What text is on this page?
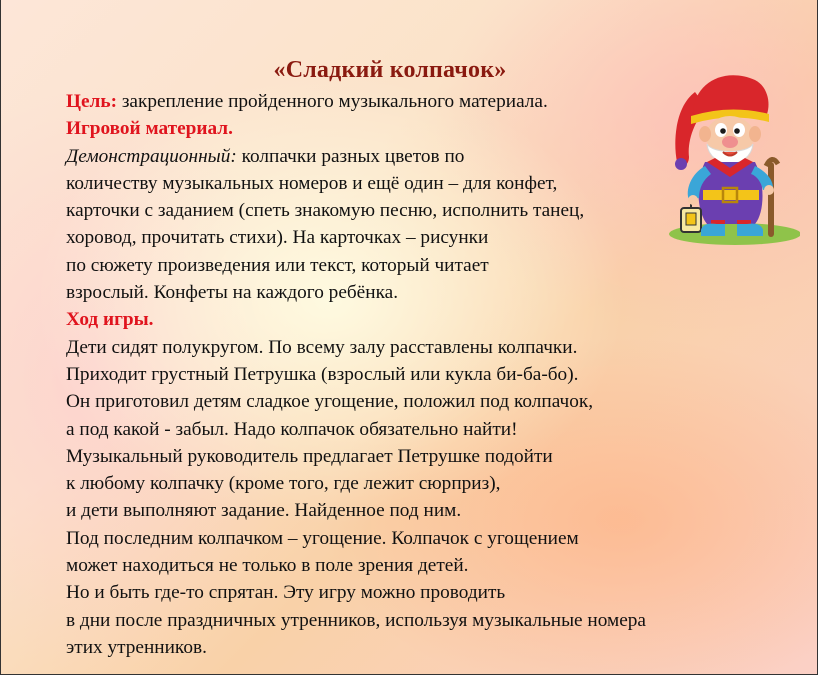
«Сладкий колпачок»
Цель: закрепление пройденного музыкального материала.
Игровой материал.
Демонстрационный: колпачки разных цветов по
количеству музыкальных номеров и ещё один – для конфет,
карточки с заданием (спеть знакомую песню, исполнить танец,
хоровод, прочитать стихи). На карточках – рисунки
по сюжету произведения или текст, который читает
взрослый. Конфеты на каждого ребёнка.
Ход игры.
Дети сидят полукругом. По всему залу расставлены колпачки.
Приходит грустный Петрушка (взрослый или кукла би-ба-бо).
Он приготовил детям сладкое угощение, положил под колпачок,
а под какой - забыл. Надо колпачок обязательно найти!
Музыкальный руководитель предлагает Петрушке подойти
к любому колпачку (кроме того, где лежит сюрприз),
и дети выполняют задание. Найденное под ним.
Под последним колпачком – угощение. Колпачок с угощением
может находиться не только в поле зрения детей.
Но и быть где-то спрятан. Эту игру можно проводить
в дни после праздничных утренников, используя музыкальные номера
этих утренников.
